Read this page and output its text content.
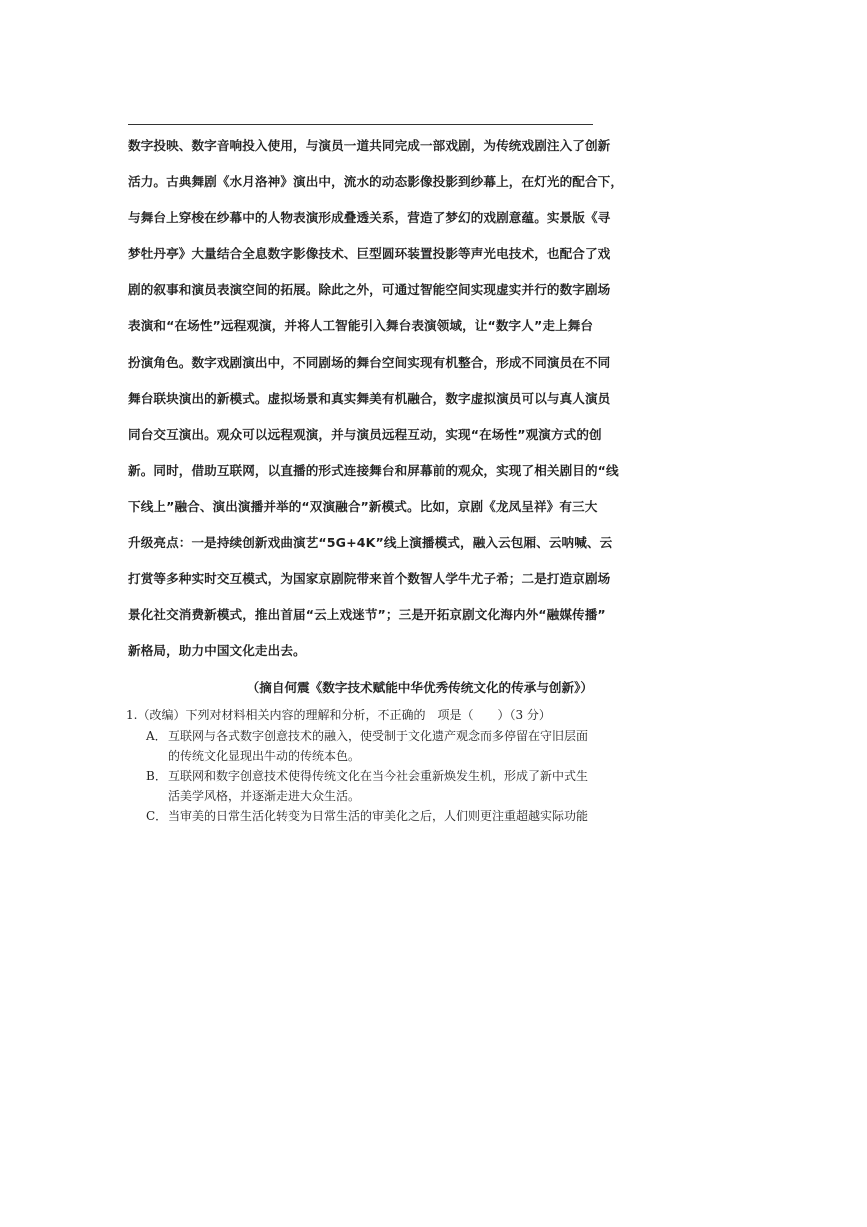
数字投映、数字音响投入使用，与演员一道共同完成一部戏剧，为传统戏剧注入了创新
活力。古典舞剧《水月洛神》演出中，流水的动态影像投影到纱幕上，在灯光的配合下，
与舞台上穿梭在纱幕中的人物表演形成叠透关系，营造了梦幻的戏剧意蕴。实景版《寻
梦牡丹亭》大量结合全息数字影像技术、巨型圆环装置投影等声光电技术，也配合了戏
剧的叙事和演员表演空间的拓展。除此之外，可通过智能空间实现虚实并行的数字剧场
表演和“在场性”远程观演，并将人工智能引入舞台表演领域，让“数字人”走上舞台
扮演角色。数字戏剧演出中，不同剧场的舞台空间实现有机整合，形成不同演员在不同
舞台联块演出的新模式。虚拟场景和真实舞美有机融合，数字虚拟演员可以与真人演员
同台交互演出。观众可以远程观演，并与演员远程互动，实现“在场性”观演方式的创
新。同时，借助互联网，以直播的形式连接舞台和屏幕前的观众，实现了相关剧目的“线
下线上”融合、演出演播并举的“双演融合”新模式。比如，京剧《龙凤呈祥》有三大
升级亮点：一是持续创新戏曲演艺“5G+4K”线上演播模式，融入云包厢、云呐喊、云
打赏等多种实时交互模式，为国家京剧院带来首个数智人学牛尤子希；二是打造京剧场
景化社交消费新模式，推出首届“云上戏迷节”；三是开拓京剧文化海内外“融媒传播”
新格局，助力中国文化走出去。
（摘自何震《数字技术赋能中华优秀传统文化的传承与创新》）
1.（改编）下列对材料相关内容的理解和分析，不正确的　项是（　　）（3 分）
A．互联网与各式数字创意技术的融入，使受制于文化遗产观念而多停留在守旧层面
的传统文化显现出牛动的传统本色。
B．互联网和数字创意技术使得传统文化在当今社会重新焕发生机，形成了新中式生
活美学风格，并逐渐走进大众生活。
C．当审美的日常生活化转变为日常生活的审美化之后，人们则更注重超越实际功能
